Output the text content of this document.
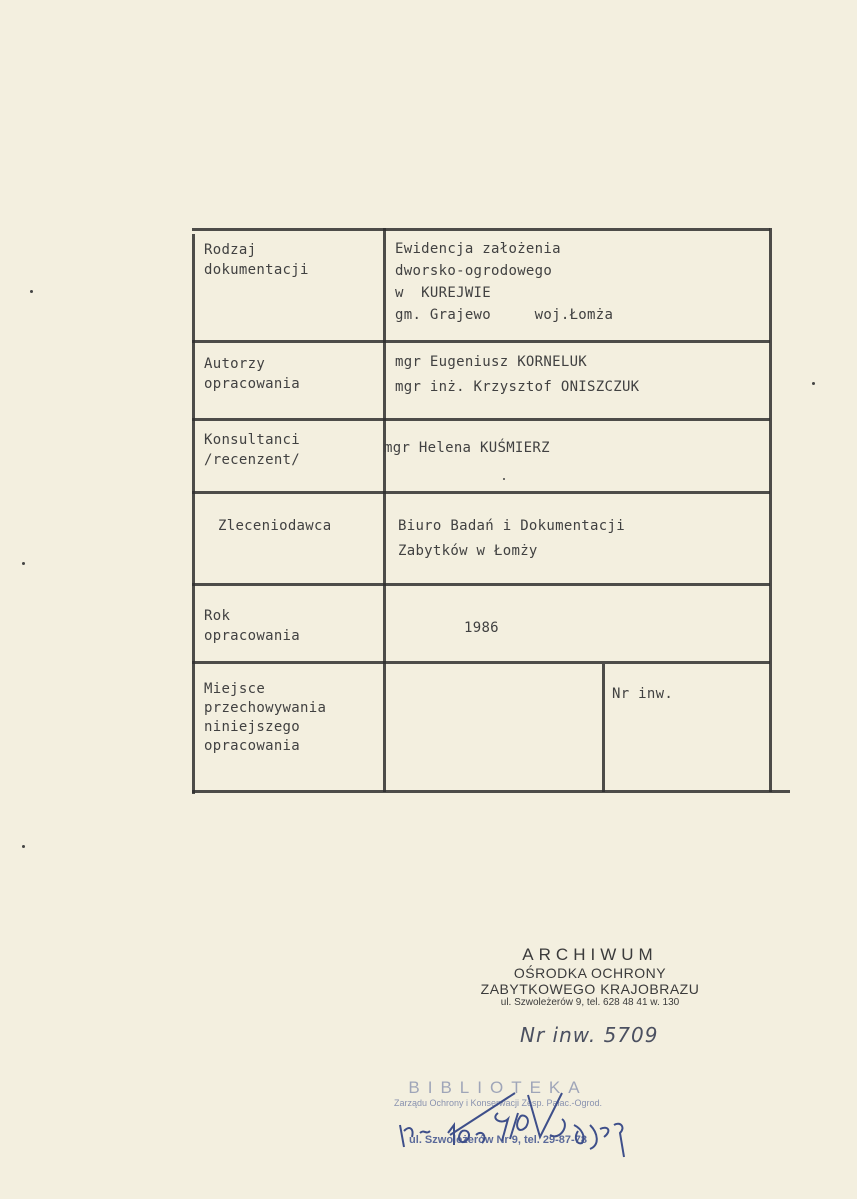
Rodzaj
dokumentacji
Ewidencja założenia
dworsko-ogrodowego
w  KUREJWIE
gm. Grajewo     woj.Łomża
Autorzy
opracowania
mgr Eugeniusz KORNELUK
mgr inż. Krzysztof ONISZCZUK
Konsultanci
/recenzent/
mgr Helena KUŚMIERZ
Zleceniodawca	Biuro Badań i Dokumentacji
Zabytków w Łomży
Rok
opracowania	1986
Miejsce
przechowywania
niniejszego
opracowania
Nr inw.
ARCHIWUM
OŚRODKA OCHRONY
ZABYTKOWEGO KRAJOBRAZU
ul. Szwoleżerów 9, tel. 628 48 41 w. 130
Nr inw. 5709
BIBLIOTEKA
Zarządu Ochrony i Konserwacji Zesp. Pałac.-Ogrod.
ul. Szwoleżerów Nr 9, tel. 29-87-78
